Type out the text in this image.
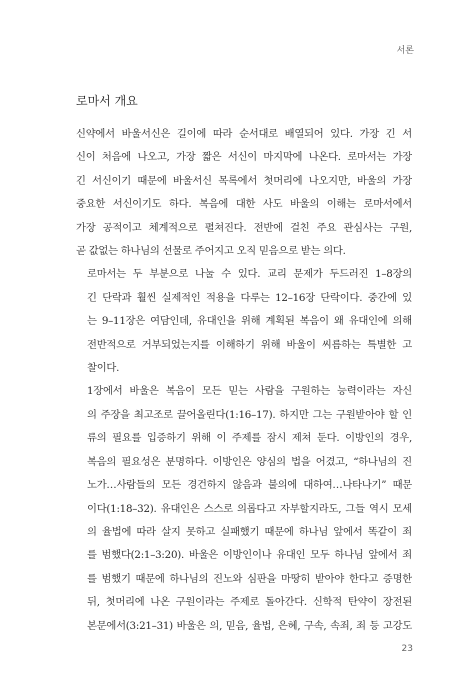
서론
로마서 개요

신약에서 바울서신은 길이에 따라 순서대로 배열되어 있다. 가장 긴 서
신이 처음에 나오고, 가장 짧은 서신이 마지막에 나온다. 로마서는 가장
긴 서신이기 때문에 바울서신 목록에서 첫머리에 나오지만, 바울의 가장
중요한 서신이기도 하다. 복음에 대한 사도 바울의 이해는 로마서에서
가장 공적이고 체계적으로 펼쳐진다. 전반에 걸친 주요 관심사는 구원,
곧 값없는 하나님의 선물로 주어지고 오직 믿음으로 받는 의다.

로마서는 두 부분으로 나눌 수 있다. 교리 문제가 두드러진 1–8장의
긴 단락과 훨씬 실제적인 적용을 다루는 12–16장 단락이다. 중간에 있
는 9–11장은 여담인데, 유대인을 위해 계획된 복음이 왜 유대인에 의해
전반적으로 거부되었는지를 이해하기 위해 바울이 씨름하는 특별한 고
찰이다.

1장에서 바울은 복음이 모든 믿는 사람을 구원하는 능력이라는 자신
의 주장을 최고조로 끌어올린다(1:16–17). 하지만 그는 구원받아야 할 인
류의 필요를 입증하기 위해 이 주제를 잠시 제쳐 둔다. 이방인의 경우,
복음의 필요성은 분명하다. 이방인은 양심의 법을 어겼고, “하나님의 진
노가…사람들의 모든 경건하지 않음과 불의에 대하여…나타나기” 때문
이다(1:18–32). 유대인은 스스로 의롭다고 자부할지라도, 그들 역시 모세
의 율법에 따라 살지 못하고 실패했기 때문에 하나님 앞에서 똑같이 죄
를 범했다(2:1–3:20). 바울은 이방인이나 유대인 모두 하나님 앞에서 죄
를 범했기 때문에 하나님의 진노와 심판을 마땅히 받아야 한다고 증명한
뒤, 첫머리에 나온 구원이라는 주제로 돌아간다. 신학적 탄약이 장전된
본문에서(3:21–31) 바울은 의, 믿음, 율법, 은혜, 구속, 속죄, 죄 등 고강도

23
